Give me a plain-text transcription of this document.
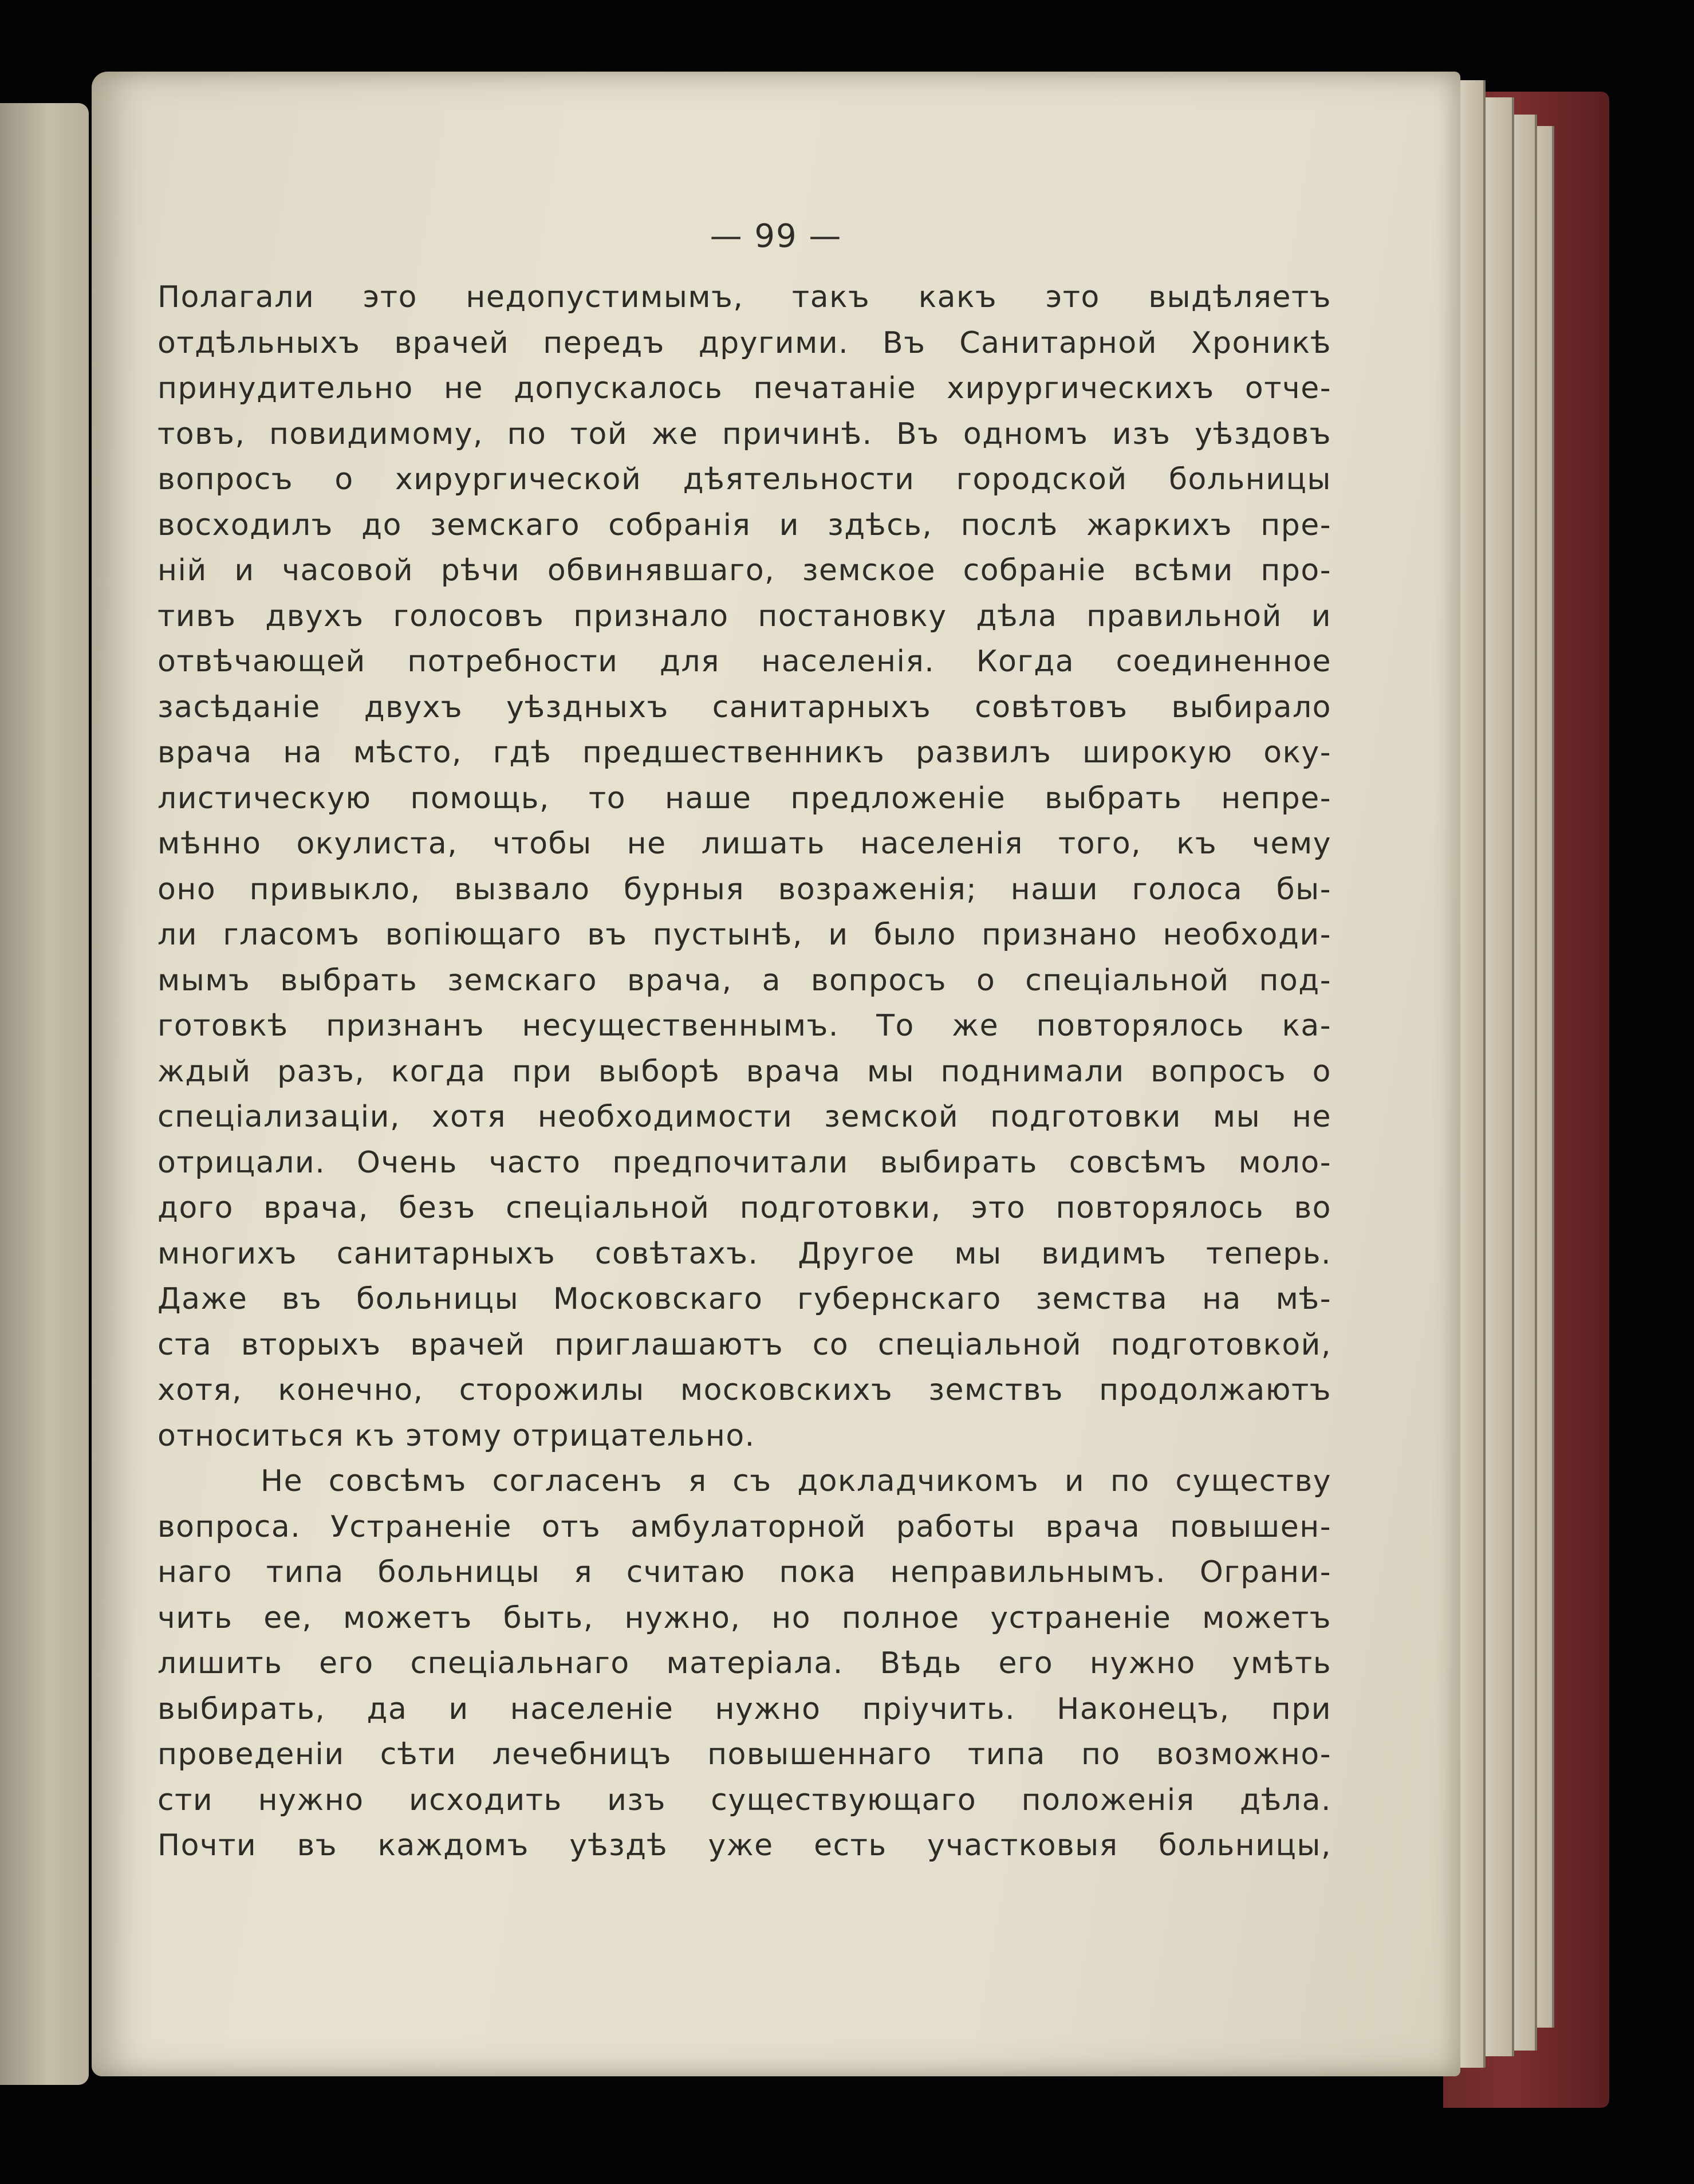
— 99 —
Полагали это недопустимымъ, такъ какъ это выдѣляетъ
отдѣльныхъ врачей передъ другими. Въ Санитарной Хроникѣ
принудительно не допускалось печатаніе хирургическихъ отче-
товъ, повидимому, по той же причинѣ. Въ одномъ изъ уѣздовъ
вопросъ о хирургической дѣятельности городской больницы
восходилъ до земскаго собранія и здѣсь, послѣ жаркихъ пре-
ній и часовой рѣчи обвинявшаго, земское собраніе всѣми про-
тивъ двухъ голосовъ признало постановку дѣла правильной и
отвѣчающей потребности для населенія. Когда соединенное
засѣданіе двухъ уѣздныхъ санитарныхъ совѣтовъ выбирало
врача на мѣсто, гдѣ предшественникъ развилъ широкую оку-
листическую помощь, то наше предложеніе выбрать непре-
мѣнно окулиста, чтобы не лишать населенія того, къ чему
оно привыкло, вызвало бурныя возраженія; наши голоса бы-
ли гласомъ вопіющаго въ пустынѣ, и было признано необходи-
мымъ выбрать земскаго врача, а вопросъ о спеціальной под-
готовкѣ признанъ несущественнымъ. То же повторялось ка-
ждый разъ, когда при выборѣ врача мы поднимали вопросъ о
спеціализаціи, хотя необходимости земской подготовки мы не
отрицали. Очень часто предпочитали выбирать совсѣмъ моло-
дого врача, безъ спеціальной подготовки, это повторялось во
многихъ санитарныхъ совѣтахъ. Другое мы видимъ теперь.
Даже въ больницы Московскаго губернскаго земства на мѣ-
ста вторыхъ врачей приглашаютъ со спеціальной подготовкой,
хотя, конечно, сторожилы московскихъ земствъ продолжаютъ
относиться къ этому отрицательно.
Не совсѣмъ согласенъ я съ докладчикомъ и по существу
вопроса. Устраненіе отъ амбулаторной работы врача повышен-
наго типа больницы я считаю пока неправильнымъ. Ограни-
чить ее, можетъ быть, нужно, но полное устраненіе можетъ
лишить его спеціальнаго матеріала. Вѣдь его нужно умѣть
выбирать, да и населеніе нужно пріучить. Наконецъ, при
проведеніи сѣти лечебницъ повышеннаго типа по возможно-
сти нужно исходить изъ существующаго положенія дѣла.
Почти въ каждомъ уѣздѣ уже есть участковыя больницы,
